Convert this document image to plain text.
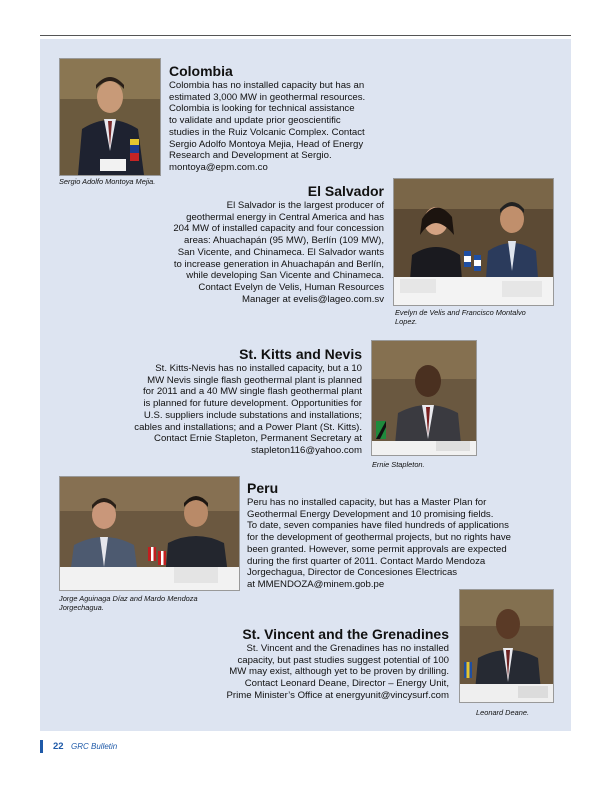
Sergio Adolfo Montoya Mejia.
Colombia
Colombia has no installed capacity but has an
estimated 3,000 MW in geothermal resources.
Colombia is looking for technical assistance
to validate and update prior geoscientific
studies in the Ruiz Volcanic Complex. Contact
Sergio Adolfo Montoya Mejia, Head of Energy
Research and Development at Sergio.
montoya@epm.com.co
El Salvador
El Salvador is the largest producer of
geothermal energy in Central America and has
204 MW of installed capacity and four concession
areas: Ahuachapán (95 MW), Berlín (109 MW),
San Vicente, and Chinameca. El Salvador wants
to increase generation in Ahuachapán and Berlín,
while developing San Vicente and Chinameca.
Contact Evelyn de Velis, Human Resources
Manager at evelis@lageo.com.sv
Evelyn de Velis and Francisco Montalvo
Lopez.
St. Kitts and Nevis
St. Kitts-Nevis has no installed capacity, but a 10
MW Nevis single flash geothermal plant is planned
for 2011 and a 40 MW single flash geothermal plant
is planned for future development. Opportunities for
U.S. suppliers include substations and installations;
cables and installations; and a Power Plant (St. Kitts).
Contact Ernie Stapleton, Permanent Secretary at
stapleton116@yahoo.com
Ernie Stapleton.
Jorge Aguinaga Díaz and Mardo Mendoza
Jorgechagua.
Peru
Peru has no installed capacity, but has a Master Plan for
Geothermal Energy Development and 10 promising fields.
To date, seven companies have filed hundreds of applications
for the development of geothermal projects, but no rights have
been granted. However, some permit approvals are expected
during the first quarter of 2011. Contact Mardo Mendoza
Jorgechagua, Director de Concesiones Electricas
at MMENDOZA@minem.gob.pe
St. Vincent and the Grenadines
St. Vincent and the Grenadines has no installed
capacity, but past studies suggest potential of 100
MW may exist, although yet to be proven by drilling.
Contact Leonard Deane, Director – Energy Unit,
Prime Minister’s Office at energyunit@vincysurf.com
Leonard Deane.
22 GRC Bulletin
